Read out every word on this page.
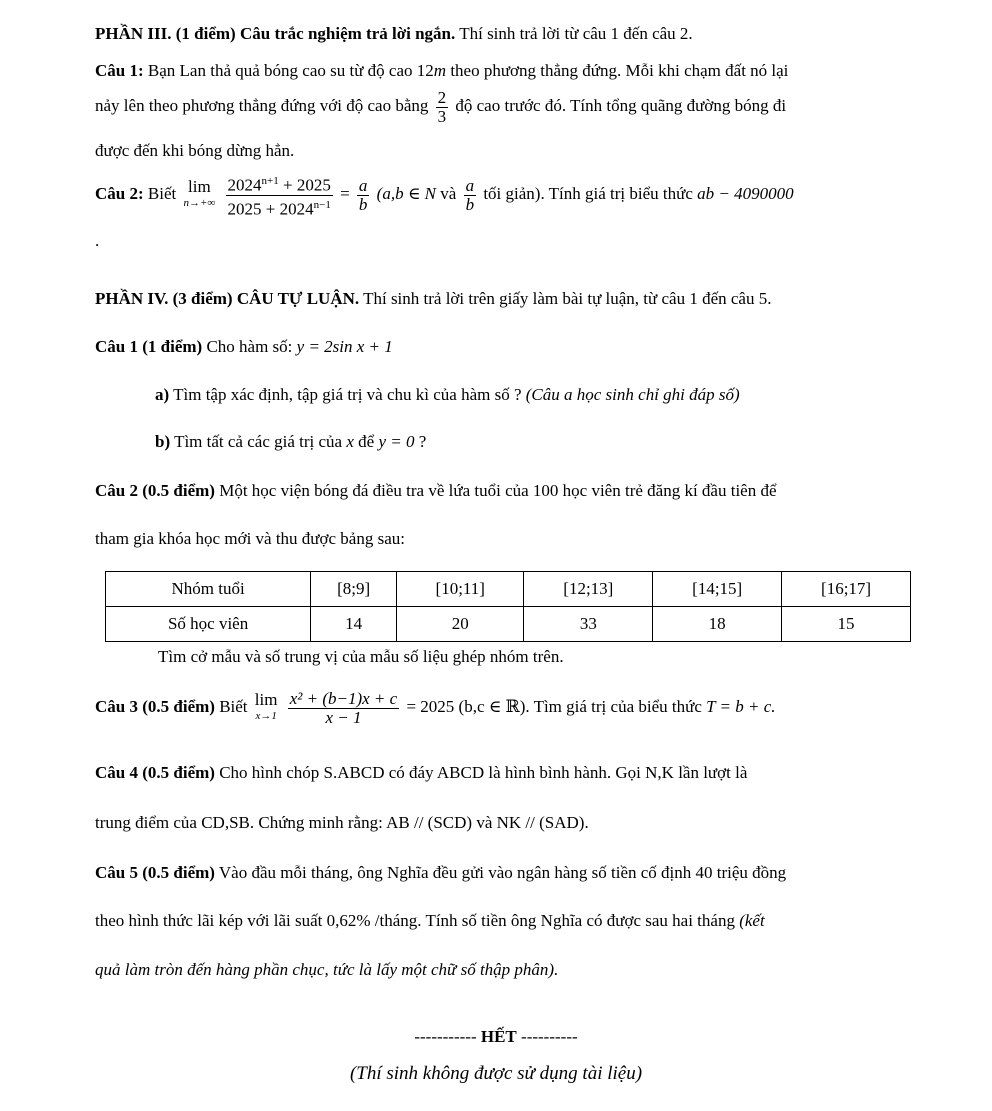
PHẦN III. (1 điểm) Câu trắc nghiệm trả lời ngắn. Thí sinh trả lời từ câu 1 đến câu 2.
Câu 1: Bạn Lan thả quả bóng cao su từ độ cao 12m theo phương thẳng đứng. Mỗi khi chạm đất nó lại
nảy lên theo phương thẳng đứng với độ cao bằng $\frac{2}{3}$ độ cao trước đó. Tính tổng quãng đường bóng đi
được đến khi bóng dừng hẳn.
Câu 2: Biết lim
n→+∞
$\frac{2024^{n+1} + 2025}{2025 + 2024^{n-1}} = \frac{a}{b} (a,b$ ∈ N và $\frac{a}{b}$ tối giản). Tính giá trị biểu thức ab − 4090000
.
PHẦN IV. (3 điểm) CÂU TỰ LUẬN. Thí sinh trả lời trên giấy làm bài tự luận, từ câu 1 đến câu 5.
Câu 1 (1 điểm) Cho hàm số: y = 2sin x + 1
a) Tìm tập xác định, tập giá trị và chu kì của hàm số ? (Câu a học sinh chỉ ghi đáp số)
b) Tìm tất cả các giá trị của x để y = 0 ?
Câu 2 (0.5 điểm) Một học viện bóng đá điều tra về lứa tuổi của 100 học viên trẻ đăng kí đầu tiên để
tham gia khóa học mới và thu được bảng sau:
Nhóm tuổi	[8;9]	[10;11]	[12;13]	[14;15]	[16;17]
Số học viên	14	20	33	18	15
Tìm cở mẫu và số trung vị của mẫu số liệu ghép nhóm trên.
Câu 3 (0.5 điểm) Biết lim
x→1
$\frac{\text{x² + (b−1)x + c}}{x - 1} = 2025$ (b,c ∈ ℝ). Tìm giá trị của biểu thức T = b + c.
Câu 4 (0.5 điểm) Cho hình chóp S.ABCD có đáy ABCD là hình bình hành. Gọi N,K lần lượt là
trung điểm của CD,SB. Chứng minh rằng: AB // (SCD) và NK // (SAD).
Câu 5 (0.5 điểm) Vào đầu mỗi tháng, ông Nghĩa đều gửi vào ngân hàng số tiền cố định 40 triệu đồng
theo hình thức lãi kép với lãi suất 0,62% /tháng. Tính số tiền ông Nghĩa có được sau hai tháng (kết
quả làm tròn đến hàng phần chục, tức là lấy một chữ số thập phân).
----------- HẾT ----------
(Thí sinh không được sử dụng tài liệu)
